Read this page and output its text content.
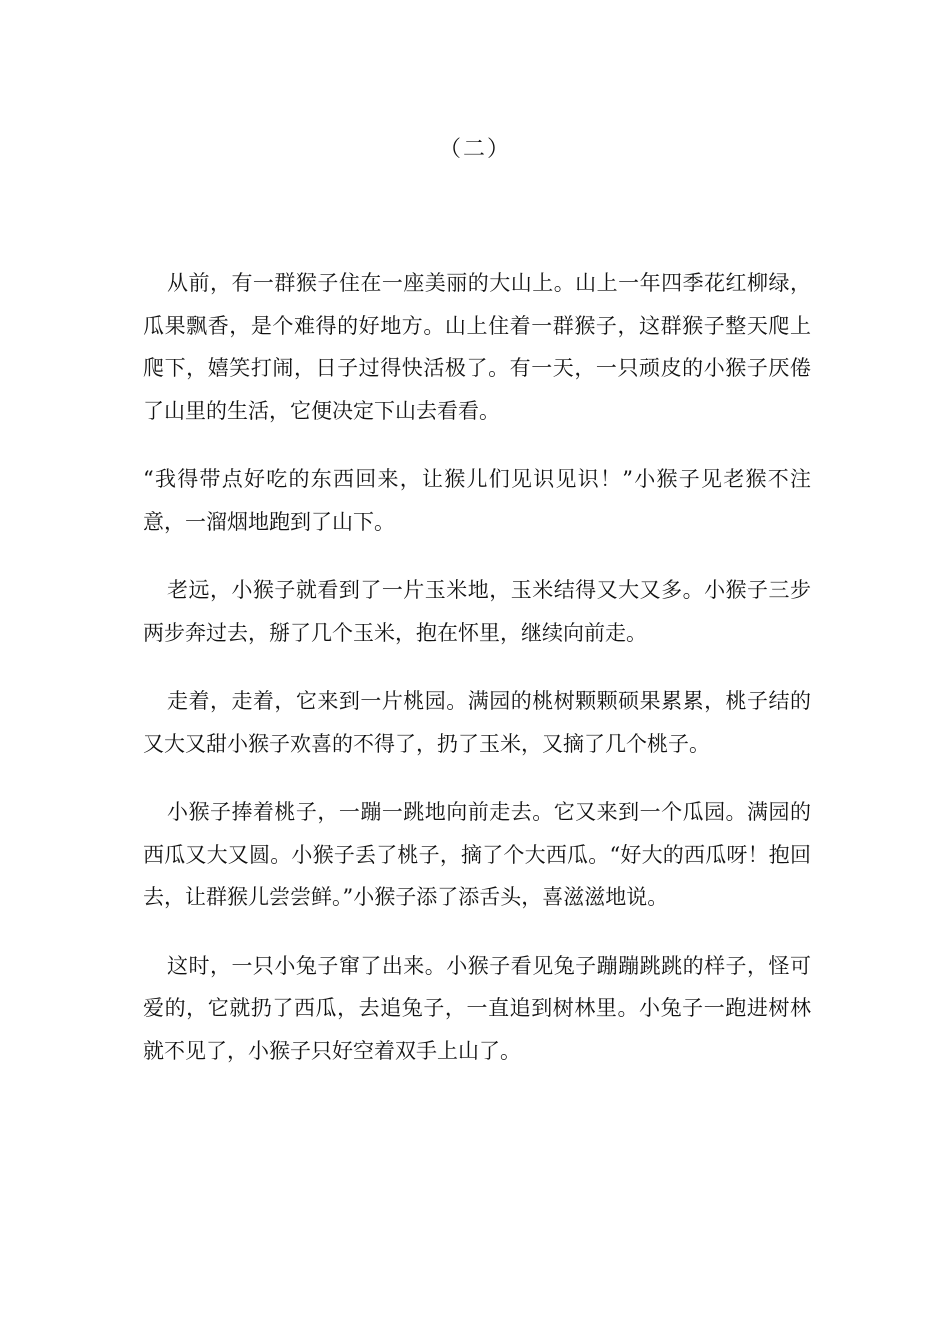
（二）

从前，有一群猴子住在一座美丽的大山上。山上一年四季花红柳绿，瓜果飘香，是个难得的好地方。山上住着一群猴子，这群猴子整天爬上爬下，嬉笑打闹，日子过得快活极了。有一天，一只顽皮的小猴子厌倦了山里的生活，它便决定下山去看看。

“我得带点好吃的东西回来，让猴儿们见识见识！”小猴子见老猴不注意，一溜烟地跑到了山下。

老远，小猴子就看到了一片玉米地，玉米结得又大又多。小猴子三步两步奔过去，掰了几个玉米，抱在怀里，继续向前走。

走着，走着，它来到一片桃园。满园的桃树颗颗硕果累累，桃子结的又大又甜小猴子欢喜的不得了，扔了玉米，又摘了几个桃子。

小猴子捧着桃子，一蹦一跳地向前走去。它又来到一个瓜园。满园的西瓜又大又圆。小猴子丢了桃子，摘了个大西瓜。“好大的西瓜呀！抱回去，让群猴儿尝尝鲜。”小猴子添了添舌头，喜滋滋地说。

这时，一只小兔子窜了出来。小猴子看见兔子蹦蹦跳跳的样子，怪可爱的，它就扔了西瓜，去追兔子，一直追到树林里。小兔子一跑进树林就不见了，小猴子只好空着双手上山了。
